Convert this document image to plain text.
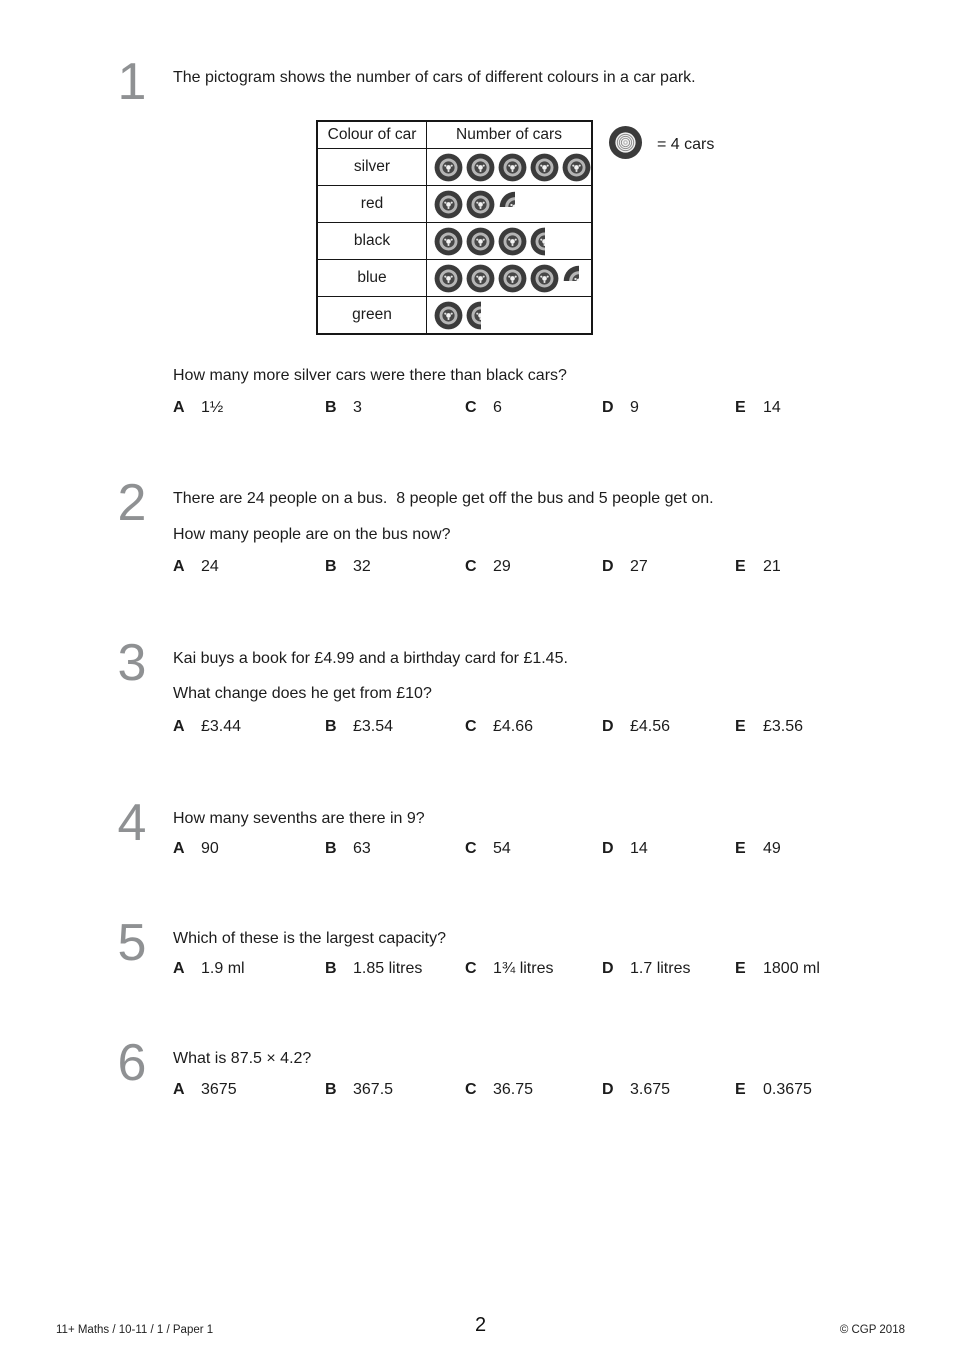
1 The pictogram shows the number of cars of different colours in a car park.
Colour of car	Number of cars
silver	

red	

black	

blue	

green	
= 4 cars
How many more silver cars were there than black cars?
A 1½	B 3	C 6	D 9	E 14
2 There are 24 people on a bus.  8 people get off the bus and 5 people get on.
How many people are on the bus now?
A 24	B 32	C 29	D 27	E 21
3 Kai buys a book for £4.99 and a birthday card for £1.45.
What change does he get from £10?
A £3.44	B £3.54	C £4.66	D £4.56	E £3.56
4 How many sevenths are there in 9?
A 90	B 63	C 54	D 14	E 49
5 Which of these is the largest capacity?
A 1.9 ml	B 1.85 litres	C 1¾ litres	D 1.7 litres	E 1800 ml
6 What is 87.5 × 4.2?
A 3675	B 367.5	C 36.75	D 3.675	E 0.3675
11+ Maths / 10-11 / 1 / Paper 1	2	© CGP 2018
